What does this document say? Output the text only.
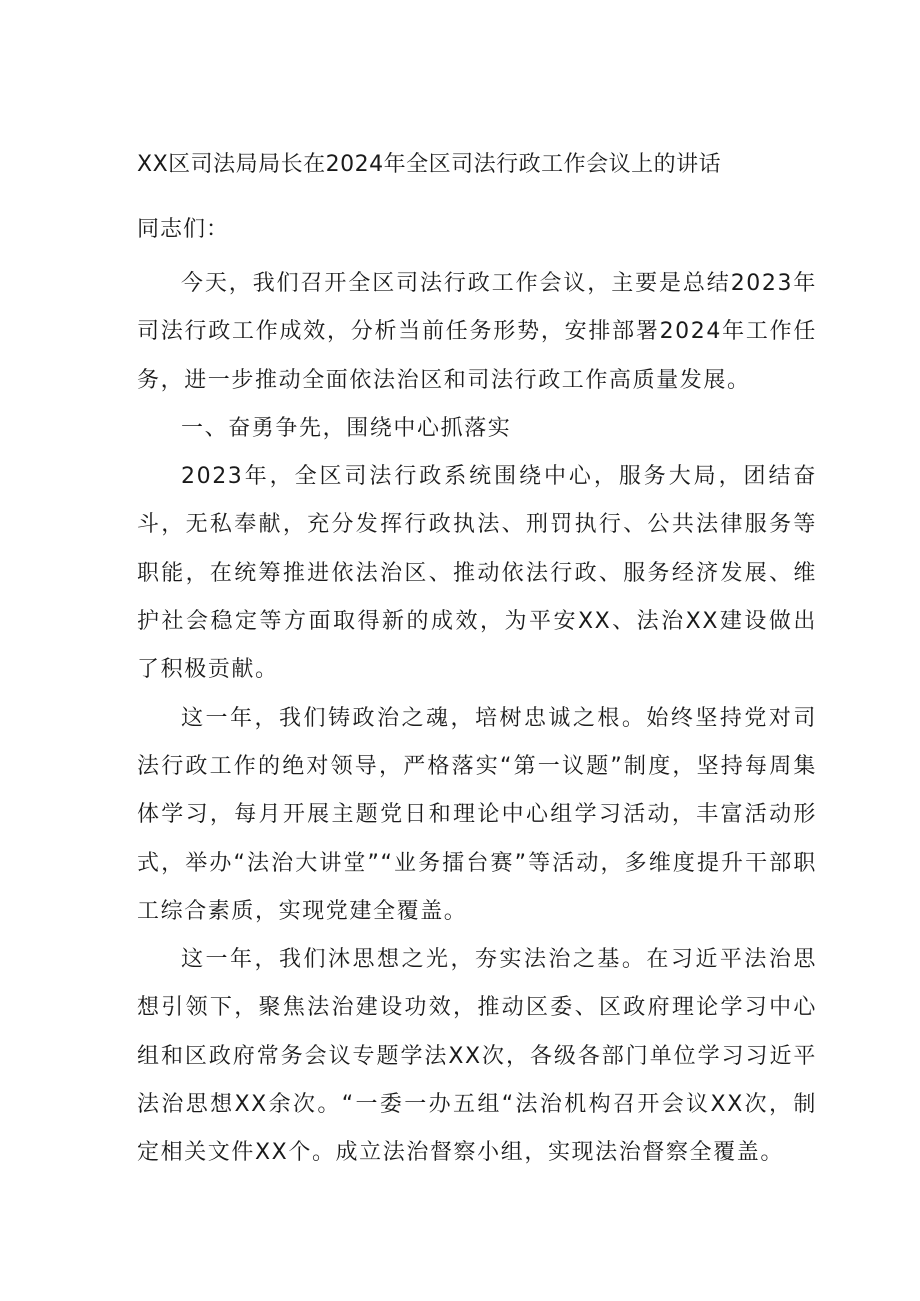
XX区司法局局长在2024年全区司法行政工作会议上的讲话
同志们：

今天，我们召开全区司法行政工作会议，主要是总结2023年司法行政工作成效，分析当前任务形势，安排部署2024年工作任务，进一步推动全面依法治区和司法行政工作高质量发展。

一、奋勇争先，围绕中心抓落实

2023年，全区司法行政系统围绕中心，服务大局，团结奋斗，无私奉献，充分发挥行政执法、刑罚执行、公共法律服务等职能，在统筹推进依法治区、推动依法行政、服务经济发展、维护社会稳定等方面取得新的成效，为平安XX、法治XX建设做出了积极贡献。

这一年，我们铸政治之魂，培树忠诚之根。始终坚持党对司法行政工作的绝对领导，严格落实“第一议题”制度，坚持每周集体学习，每月开展主题党日和理论中心组学习活动，丰富活动形式，举办“法治大讲堂”“业务擂台赛”等活动，多维度提升干部职工综合素质，实现党建全覆盖。

这一年，我们沐思想之光，夯实法治之基。在习近平法治思想引领下，聚焦法治建设功效，推动区委、区政府理论学习中心组和区政府常务会议专题学法XX次，各级各部门单位学习习近平法治思想XX余次。“一委一办五组“法治机构召开会议XX次，制定相关文件XX个。成立法治督察小组，实现法治督察全覆盖。
